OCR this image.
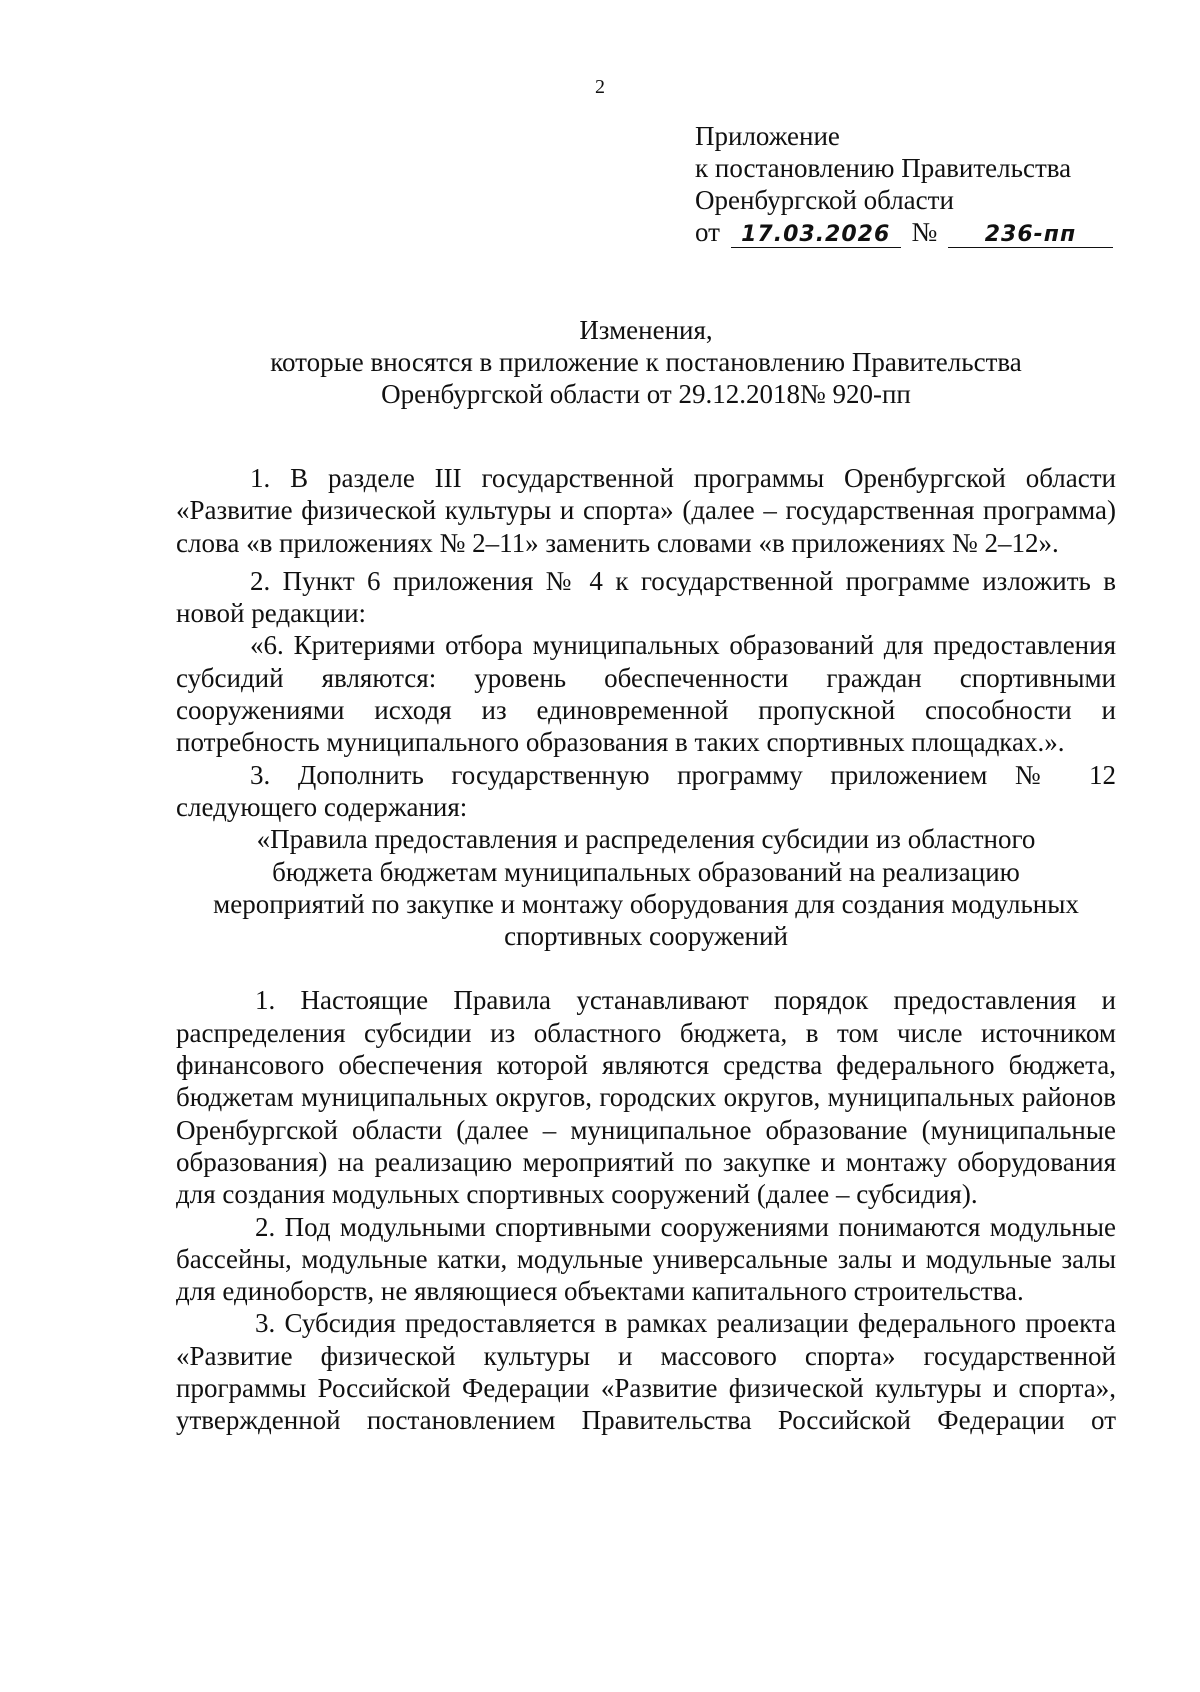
2
Приложение
к постановлению Правительства
Оренбургской области
от 17.03.2026 № 236-пп
Изменения,
которые вносятся в приложение к постановлению Правительства
Оренбургской области от 29.12.2018№ 920-пп

1. В разделе III государственной программы Оренбургской области «Развитие физической культуры и спорта» (далее – государственная программа) слова «в приложениях № 2–11» заменить словами «в приложениях № 2–12».

2. Пункт 6 приложения № 4 к государственной программе изложить в новой редакции:

«6. Критериями отбора муниципальных образований для предоставления субсидий являются: уровень обеспеченности граждан спортивными сооружениями исходя из единовременной пропускной способности и потребность муниципального образования в таких спортивных площадках.».

3. Дополнить государственную программу приложением № 12 следующего содержания:

«Правила предоставления и распределения субсидии из областного
бюджета бюджетам муниципальных образований на реализацию
мероприятий по закупке и монтажу оборудования для создания модульных
спортивных сооружений

1. Настоящие Правила устанавливают порядок предоставления и распределения субсидии из областного бюджета, в том числе источником финансового обеспечения которой являются средства федерального бюджета, бюджетам муниципальных округов, городских округов, муниципальных районов Оренбургской области (далее – муниципальное образование (муниципальные образования) на реализацию мероприятий по закупке и монтажу оборудования для создания модульных спортивных сооружений (далее – субсидия).

2. Под модульными спортивными сооружениями понимаются модульные бассейны, модульные катки, модульные универсальные залы и модульные залы для единоборств, не являющиеся объектами капитального строительства.

3. Субсидия предоставляется в рамках реализации федерального проекта «Развитие физической культуры и массового спорта» государственной программы Российской Федерации «Развитие физической культуры и спорта», утвержденной постановлением Правительства Российской Федерации от
